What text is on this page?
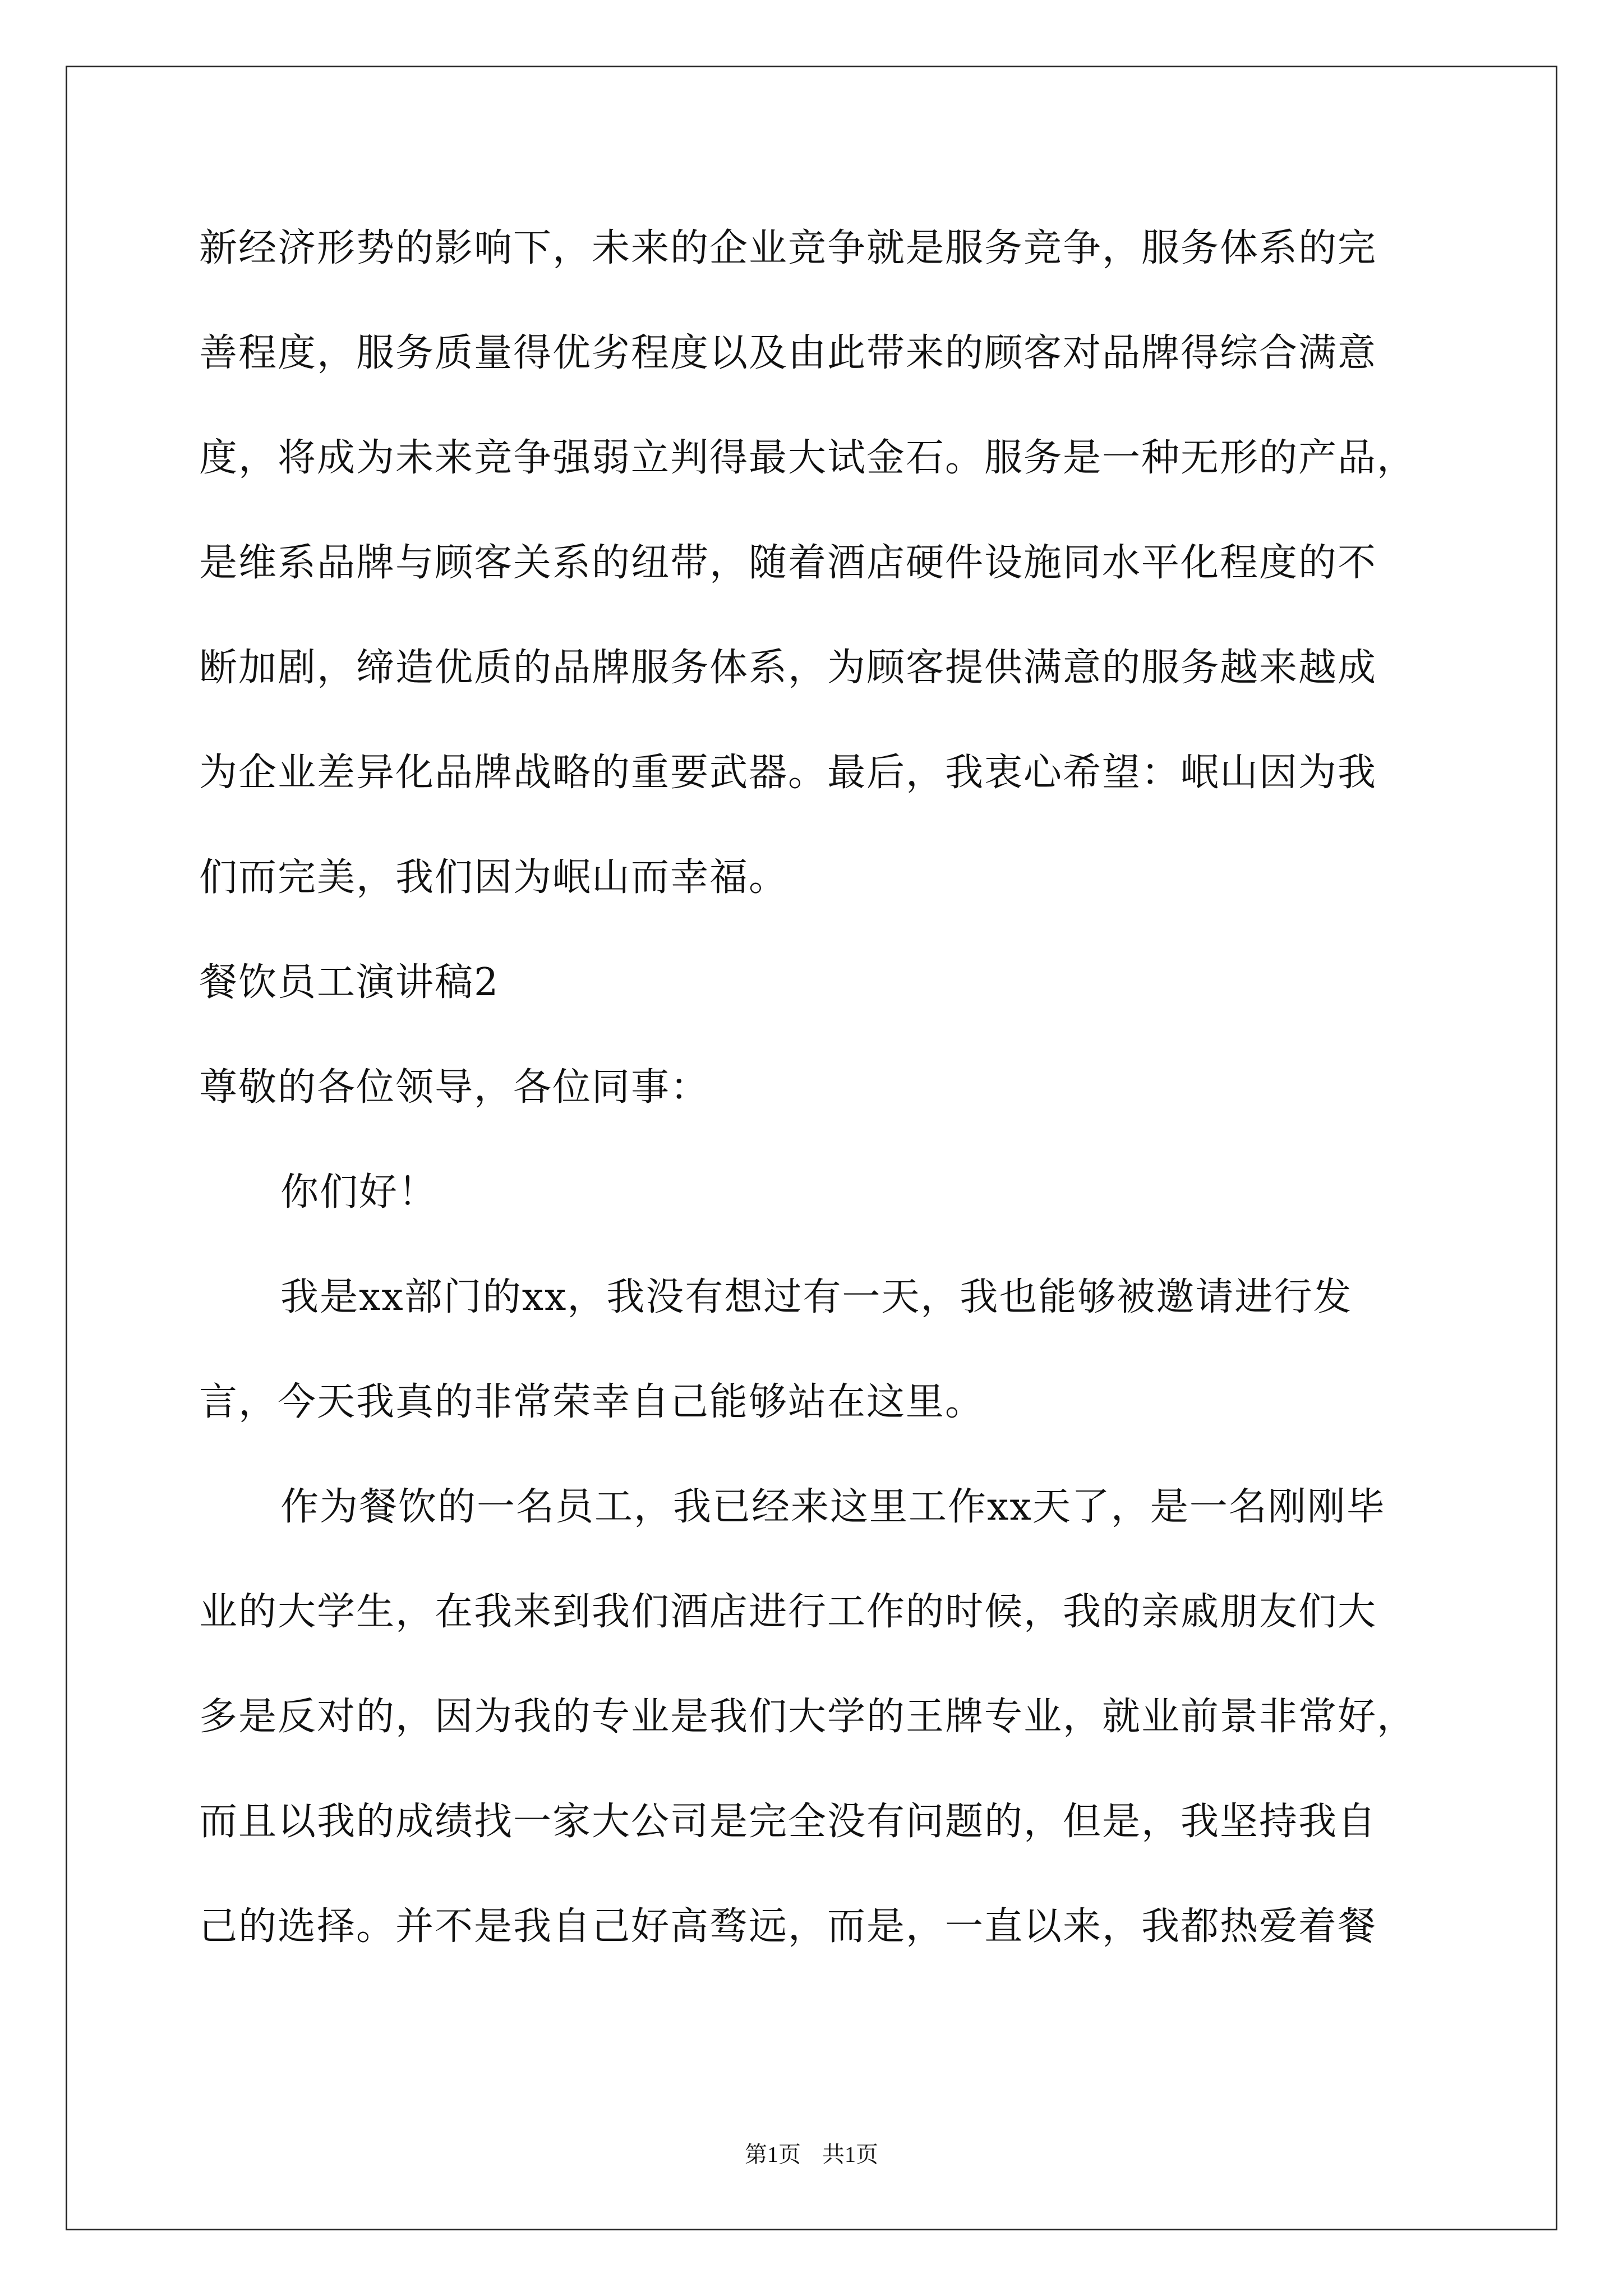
新经济形势的影响下，未来的企业竞争就是服务竞争，服务体系的完
善程度，服务质量得优劣程度以及由此带来的顾客对品牌得综合满意
度，将成为未来竞争强弱立判得最大试金石。服务是一种无形的产品，
是维系品牌与顾客关系的纽带，随着酒店硬件设施同水平化程度的不
断加剧，缔造优质的品牌服务体系，为顾客提供满意的服务越来越成
为企业差异化品牌战略的重要武器。最后，我衷心希望：岷山因为我
们而完美，我们因为岷山而幸福。
餐饮员工演讲稿2
尊敬的各位领导，各位同事：
你们好！
我是xx部门的xx，我没有想过有一天，我也能够被邀请进行发
言，今天我真的非常荣幸自己能够站在这里。
作为餐饮的一名员工，我已经来这里工作xx天了，是一名刚刚毕
业的大学生，在我来到我们酒店进行工作的时候，我的亲戚朋友们大
多是反对的，因为我的专业是我们大学的王牌专业，就业前景非常好，
而且以我的成绩找一家大公司是完全没有问题的，但是，我坚持我自
己的选择。并不是我自己好高骛远，而是，一直以来，我都热爱着餐
第1页 共1页
